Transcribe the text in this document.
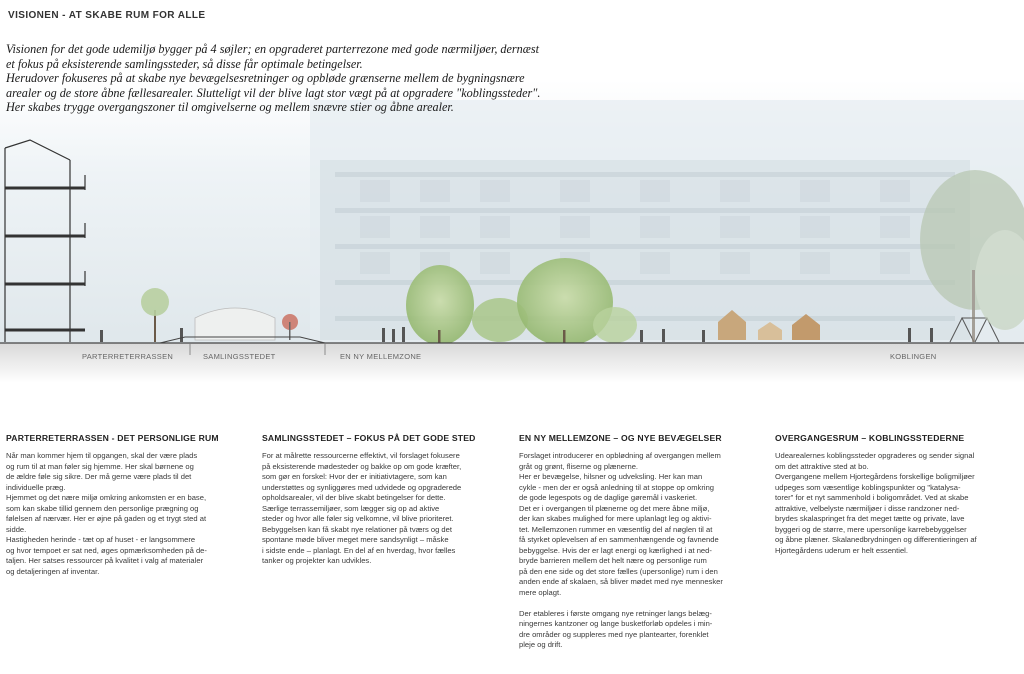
VISIONEN - AT SKABE RUM FOR ALLE

Visionen for det gode udemiljø bygger på 4 søjler; en opgraderet parterrezone med gode nærmiljøer, dernæst

et fokus på eksisterende samlingssteder, så disse får optimale betingelser.

Herudover fokuseres på at skabe nye bevægelsesretninger og opbløde grænserne mellem de bygningsnære

arealer og de store åbne fællesarealer. Slutteligt vil der blive lagt stor vægt på at opgradere "koblingssteder".

Her skabes trygge overgangszoner til omgivelserne og mellem snævre stier og åbne arealer.

PARTERRETERRASSEN	SAMLINGSSTEDET	EN NY MELLEMZONE	KOBLINGEN
PARTERRETERRASSEN - DET PERSONLIGE RUM
Når man kommer hjem til opgangen, skal der være plads
og rum til at man føler sig hjemme. Her skal børnene og
de ældre føle sig sikre. Der må gerne være plads til det
individuelle præg.
Hjemmet og det nære miljø omkring ankomsten er en base,
som kan skabe tillid gennem den personlige prægning og
følelsen af nærvær. Her er øjne på gaden og et trygt sted at
sidde.
Hastigheden herinde - tæt op af huset - er langsommere
og hvor tempoet er sat ned, øges opmærksomheden på de-
taljen. Her satses ressourcer på kvalitet i valg af materialer
og detaljeringen af inventar.
SAMLINGSSTEDET – FOKUS PÅ DET GODE STED
For at målrette ressourcerne effektivt, vil forslaget fokusere
på eksisterende mødesteder og bakke op om gode kræfter,
som gør en forskel: Hvor der er initiativtagere, som kan
understøttes og synliggøres med udvidede og opgraderede
opholdsarealer, vil der blive skabt betingelser for dette.
Særlige terrassemiljøer, som lægger sig op ad aktive
steder og hvor alle føler sig velkomne, vil blive prioriteret.
Bebyggelsen kan få skabt nye relationer på tværs og det
spontane møde bliver meget mere sandsynligt – måske
i sidste ende – planlagt. En del af en hverdag, hvor fælles
tanker og projekter kan udvikles.
EN NY MELLEMZONE – OG NYE BEVÆGELSER
Forslaget introducerer en opblødning af overgangen mellem
gråt og grønt, fliserne og plænerne.
Her er bevægelse, hilsner og udveksling. Her kan man
cykle - men der er også anledning til at stoppe op omkring
de gode legespots og de daglige gøremål i vaskeriet.
Det er i overgangen til plænerne og det mere åbne miljø,
der kan skabes mulighed for mere uplanlagt leg og aktivi-
tet. Mellemzonen rummer en væsentlig del af nøglen til at
få styrket oplevelsen af en sammenhængende og favnende
bebyggelse. Hvis der er lagt energi og kærlighed i at ned-
bryde barrieren mellem det helt nære og personlige rum
på den ene side og det store fælles (upersonlige) rum i den
anden ende af skalaen, så bliver mødet med nye mennesker
mere oplagt.

Der etableres i første omgang nye retninger langs belæg-
ningernes kantzoner og lange busketforløb opdeles i min-
dre områder og suppleres med nye plantearter, forenklet
pleje og drift.
OVERGANGESRUM – KOBLINGSSTEDERNE
Udearealernes koblingssteder opgraderes og sender signal
om det attraktive sted at bo.
Overgangene mellem Hjortegårdens forskellige boligmiljøer
udpeges som væsentlige koblingspunkter og "katalysa-
torer" for et nyt sammenhold i boligområdet. Ved at skabe
attraktive, velbelyste nærmiljøer i disse randzoner ned-
brydes skalaspringet fra det meget tætte og private, lave
byggeri og de større, mere upersonlige karrebebyggelser
og åbne plæner. Skalanedbrydningen og differentieringen af
Hjortegårdens uderum er helt essentiel.
